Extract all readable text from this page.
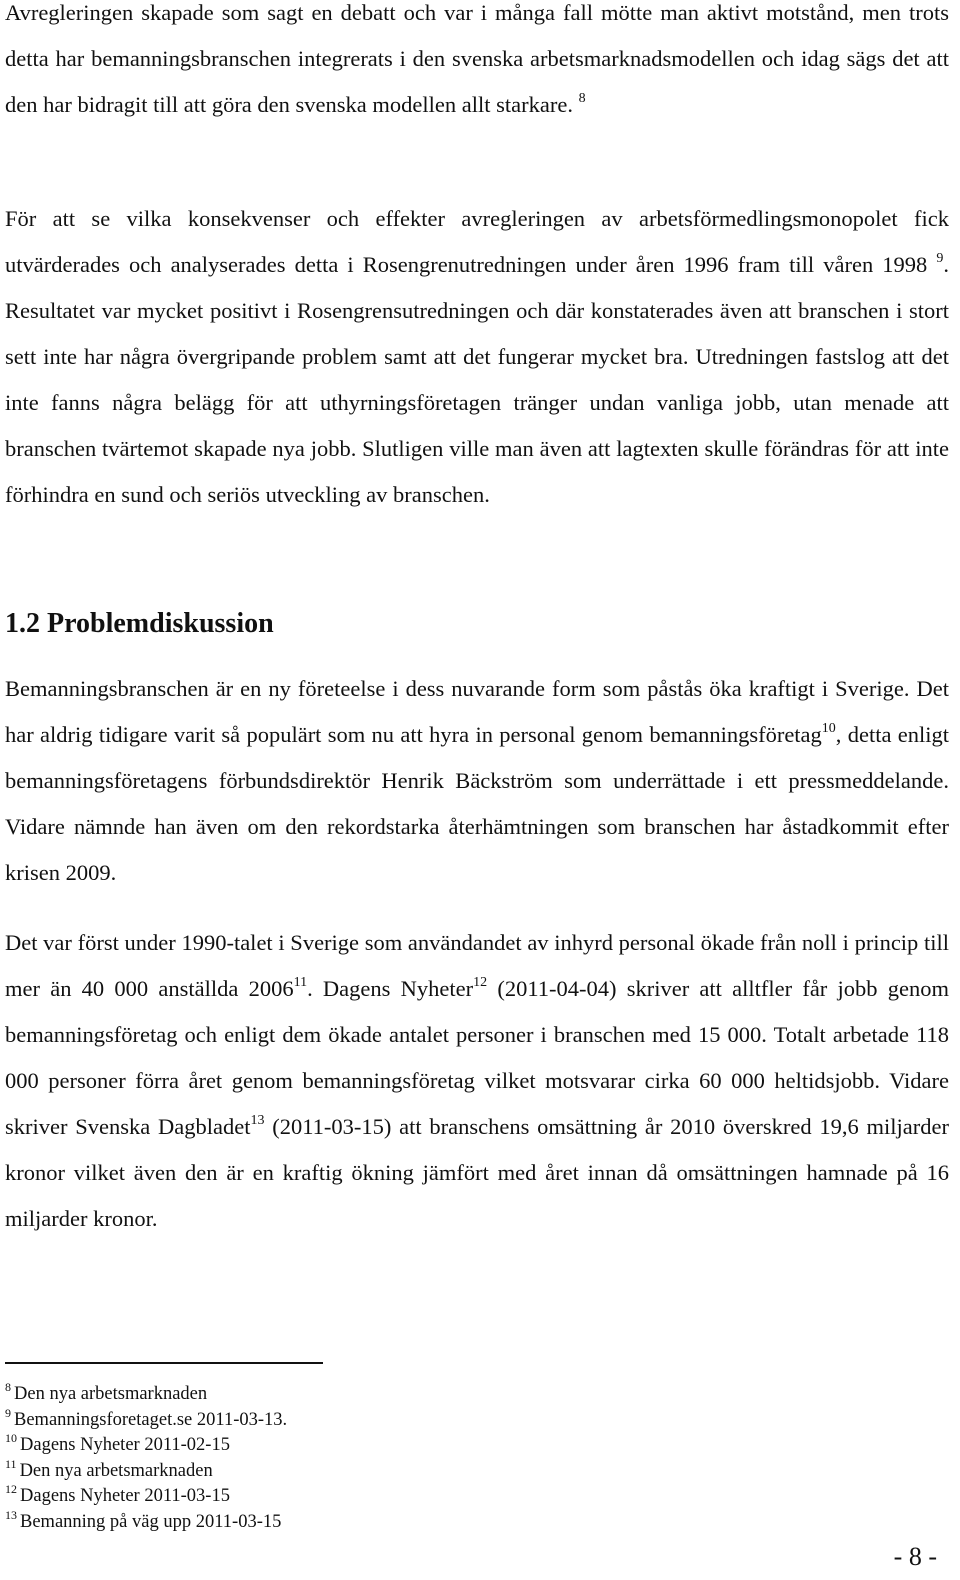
Avregleringen skapade som sagt en debatt och var i många fall mötte man aktivt motstånd, men trots detta har bemanningsbranschen integrerats i den svenska arbetsmarknadsmodellen och idag sägs det att den har bidragit till att göra den svenska modellen allt starkare. $^8$

För att se vilka konsekvenser och effekter avregleringen av arbetsförmedlingsmonopolet fick utvärderades och analyserades detta i Rosengrenutredningen under åren 1996 fram till våren 1998 $^9$. Resultatet var mycket positivt i Rosengrensutredningen och där konstaterades även att branschen i stort sett inte har några övergripande problem samt att det fungerar mycket bra. Utredningen fastslog att det inte fanns några belägg för att uthyrningsföretagen tränger undan vanliga jobb, utan menade att branschen tvärtemot skapade nya jobb. Slutligen ville man även att lagtexten skulle förändras för att inte förhindra en sund och seriös utveckling av branschen.

1.2 Problemdiskussion

Bemanningsbranschen är en ny företeelse i dess nuvarande form som påstås öka kraftigt i Sverige. Det har aldrig tidigare varit så populärt som nu att hyra in personal genom bemanningsföretag$^{10}$, detta enligt bemanningsföretagens förbundsdirektör Henrik Bäckström som underrättade i ett pressmeddelande. Vidare nämnde han även om den rekordstarka återhämtningen som branschen har åstadkommit efter krisen 2009.

Det var först under 1990-talet i Sverige som användandet av inhyrd personal ökade från noll i princip till mer än 40 000 anställda 2006$^{11}$. Dagens Nyheter$^{12}$ (2011-04-04) skriver att alltfler får jobb genom bemanningsföretag och enligt dem ökade antalet personer i branschen med 15 000. Totalt arbetade 118 000 personer förra året genom bemanningsföretag vilket motsvarar cirka 60 000 heltidsjobb. Vidare skriver Svenska Dagbladet$^{13}$ (2011-03-15) att branschens omsättning år 2010 överskred 19,6 miljarder kronor vilket även den är en kraftig ökning jämfört med året innan då omsättningen hamnade på 16 miljarder kronor.

$^8$ Den nya arbetsmarknaden
$^9$ Bemanningsforetaget.se 2011-03-13.
$^{10}$ Dagens Nyheter 2011-02-15
$^{11}$ Den nya arbetsmarknaden
$^{12}$ Dagens Nyheter 2011-03-15
$^{13}$ Bemanning på väg upp 2011-03-15
- 8 -
